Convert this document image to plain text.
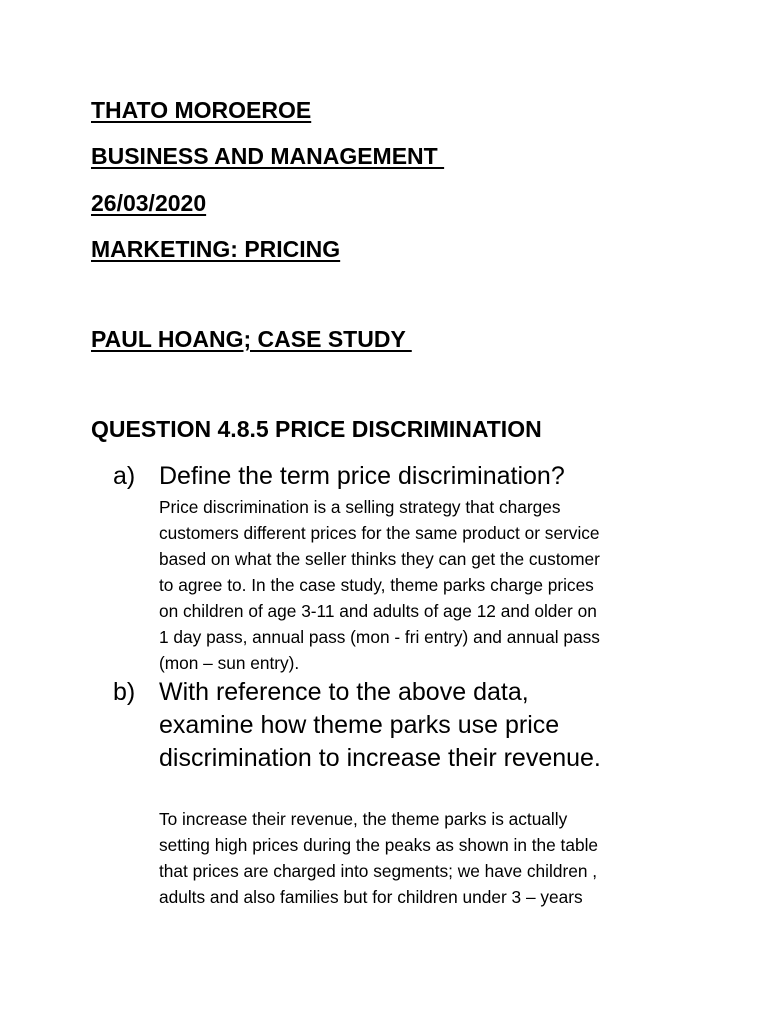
THATO MOROEROE

BUSINESS AND MANAGEMENT

26/03/2020

MARKETING: PRICING

PAUL HOANG; CASE STUDY

QUESTION 4.8.5 PRICE DISCRIMINATION

a) Define the term price discrimination?

Price discrimination is a selling strategy that charges
customers different prices for the same product or service
based on what the seller thinks they can get the customer
to agree to. In the case study, theme parks charge prices
on children of age 3-11 and adults of age 12 and older on
1 day pass, annual pass (mon - fri entry) and annual pass
(mon – sun entry).

b) With reference to the above data,
examine how theme parks use price
discrimination to increase their revenue.

To increase their revenue, the theme parks is actually
setting high prices during the peaks as shown in the table
that prices are charged into segments; we have children ,
adults and also families but for children under 3 – years
